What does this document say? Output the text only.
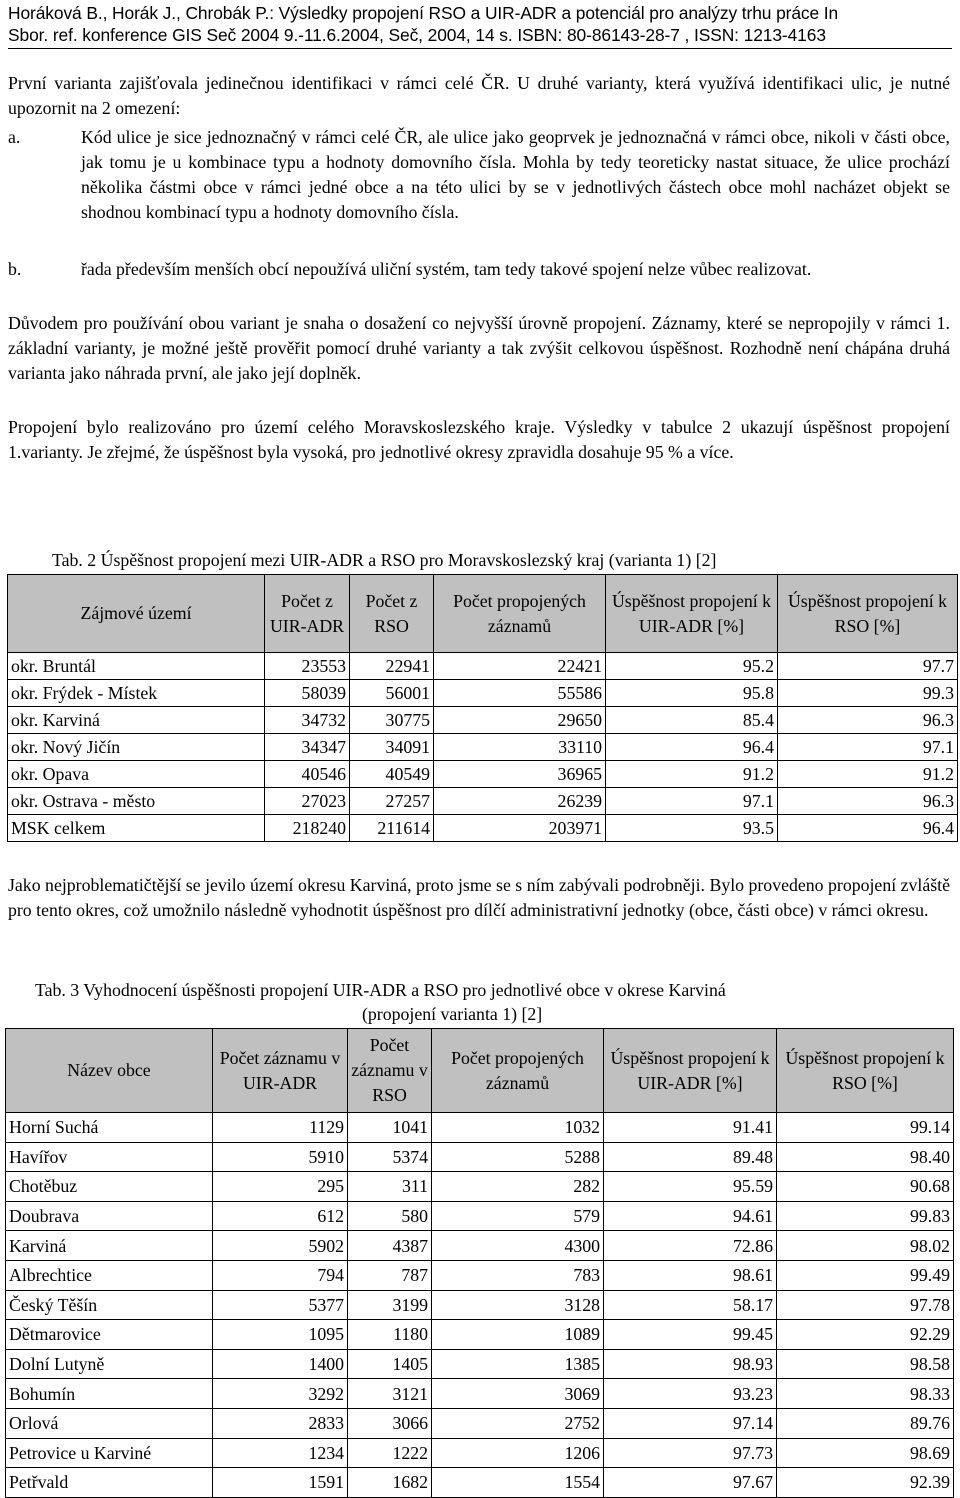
Horáková B., Horák J., Chrobák P.: Výsledky propojení RSO a UIR-ADR a potenciál pro analýzy trhu práce In
Sbor. ref. konference GIS Seč 2004 9.-11.6.2004, Seč, 2004, 14 s. ISBN: 80-86143-28-7 , ISSN: 1213-4163
První varianta zajišťovala jedinečnou identifikaci v rámci celé ČR. U druhé varianty, která využívá identifikaci ulic, je nutné upozornit na 2 omezení:
a.	Kód ulice je sice jednoznačný v rámci celé ČR, ale ulice jako geoprvek je jednoznačná v rámci obce, nikoli v části obce, jak tomu je u kombinace typu a hodnoty domovního čísla. Mohla by tedy teoreticky nastat situace, že ulice prochází několika částmi obce v rámci jedné obce a na této ulici by se v jednotlivých částech obce mohl nacházet objekt se shodnou kombinací typu a hodnoty domovního čísla.
b.	řada především menších obcí nepoužívá uliční systém, tam tedy takové spojení nelze vůbec realizovat.
Důvodem pro používání obou variant je snaha o dosažení co nejvyšší úrovně propojení. Záznamy, které se nepropojily v rámci 1. základní varianty, je možné ještě prověřit pomocí druhé varianty a tak zvýšit celkovou úspěšnost. Rozhodně není chápána druhá varianta jako náhrada první, ale jako její doplněk.
Propojení bylo realizováno pro území celého Moravskoslezského kraje. Výsledky v tabulce 2 ukazují úspěšnost propojení 1.varianty. Je zřejmé, že úspěšnost byla vysoká, pro jednotlivé okresy zpravidla dosahuje 95 % a více.
Tab. 2 Úspěšnost propojení mezi UIR-ADR a RSO pro Moravskoslezský kraj (varianta 1) [2]
Zájmové území	Počet z UIR-ADR	Počet z RSO	Počet propojených záznamů	Úspěšnost propojení k UIR-ADR [%]	Úspěšnost propojení k RSO [%]
okr. Bruntál	23553	22941	22421	95.2	97.7
okr. Frýdek - Místek	58039	56001	55586	95.8	99.3
okr. Karviná	34732	30775	29650	85.4	96.3
okr. Nový Jičín	34347	34091	33110	96.4	97.1
okr. Opava	40546	40549	36965	91.2	91.2
okr. Ostrava - město	27023	27257	26239	97.1	96.3
MSK celkem	218240	211614	203971	93.5	96.4
Jako nejproblematičtější se jevilo území okresu Karviná, proto jsme se s ním zabývali podrobněji. Bylo provedeno propojení zvláště pro tento okres, což umožnilo následně vyhodnotit úspěšnost pro dílčí administrativní jednotky (obce, části obce) v rámci okresu.
Tab. 3 Vyhodnocení úspěšnosti propojení UIR-ADR a RSO pro jednotlivé obce v okrese Karviná
(propojení varianta 1) [2]
Název obce	Počet záznamu v UIR-ADR	Počet záznamu v RSO	Počet propojených záznamů	Úspěšnost propojení k UIR-ADR [%]	Úspěšnost propojení k RSO [%]
Horní Suchá	1129	1041	1032	91.41	99.14
Havířov	5910	5374	5288	89.48	98.40
Chotěbuz	295	311	282	95.59	90.68
Doubrava	612	580	579	94.61	99.83
Karviná	5902	4387	4300	72.86	98.02
Albrechtice	794	787	783	98.61	99.49
Český Těšín	5377	3199	3128	58.17	97.78
Dětmarovice	1095	1180	1089	99.45	92.29
Dolní Lutyně	1400	1405	1385	98.93	98.58
Bohumín	3292	3121	3069	93.23	98.33
Orlová	2833	3066	2752	97.14	89.76
Petrovice u Karviné	1234	1222	1206	97.73	98.69
Petřvald	1591	1682	1554	97.67	92.39
